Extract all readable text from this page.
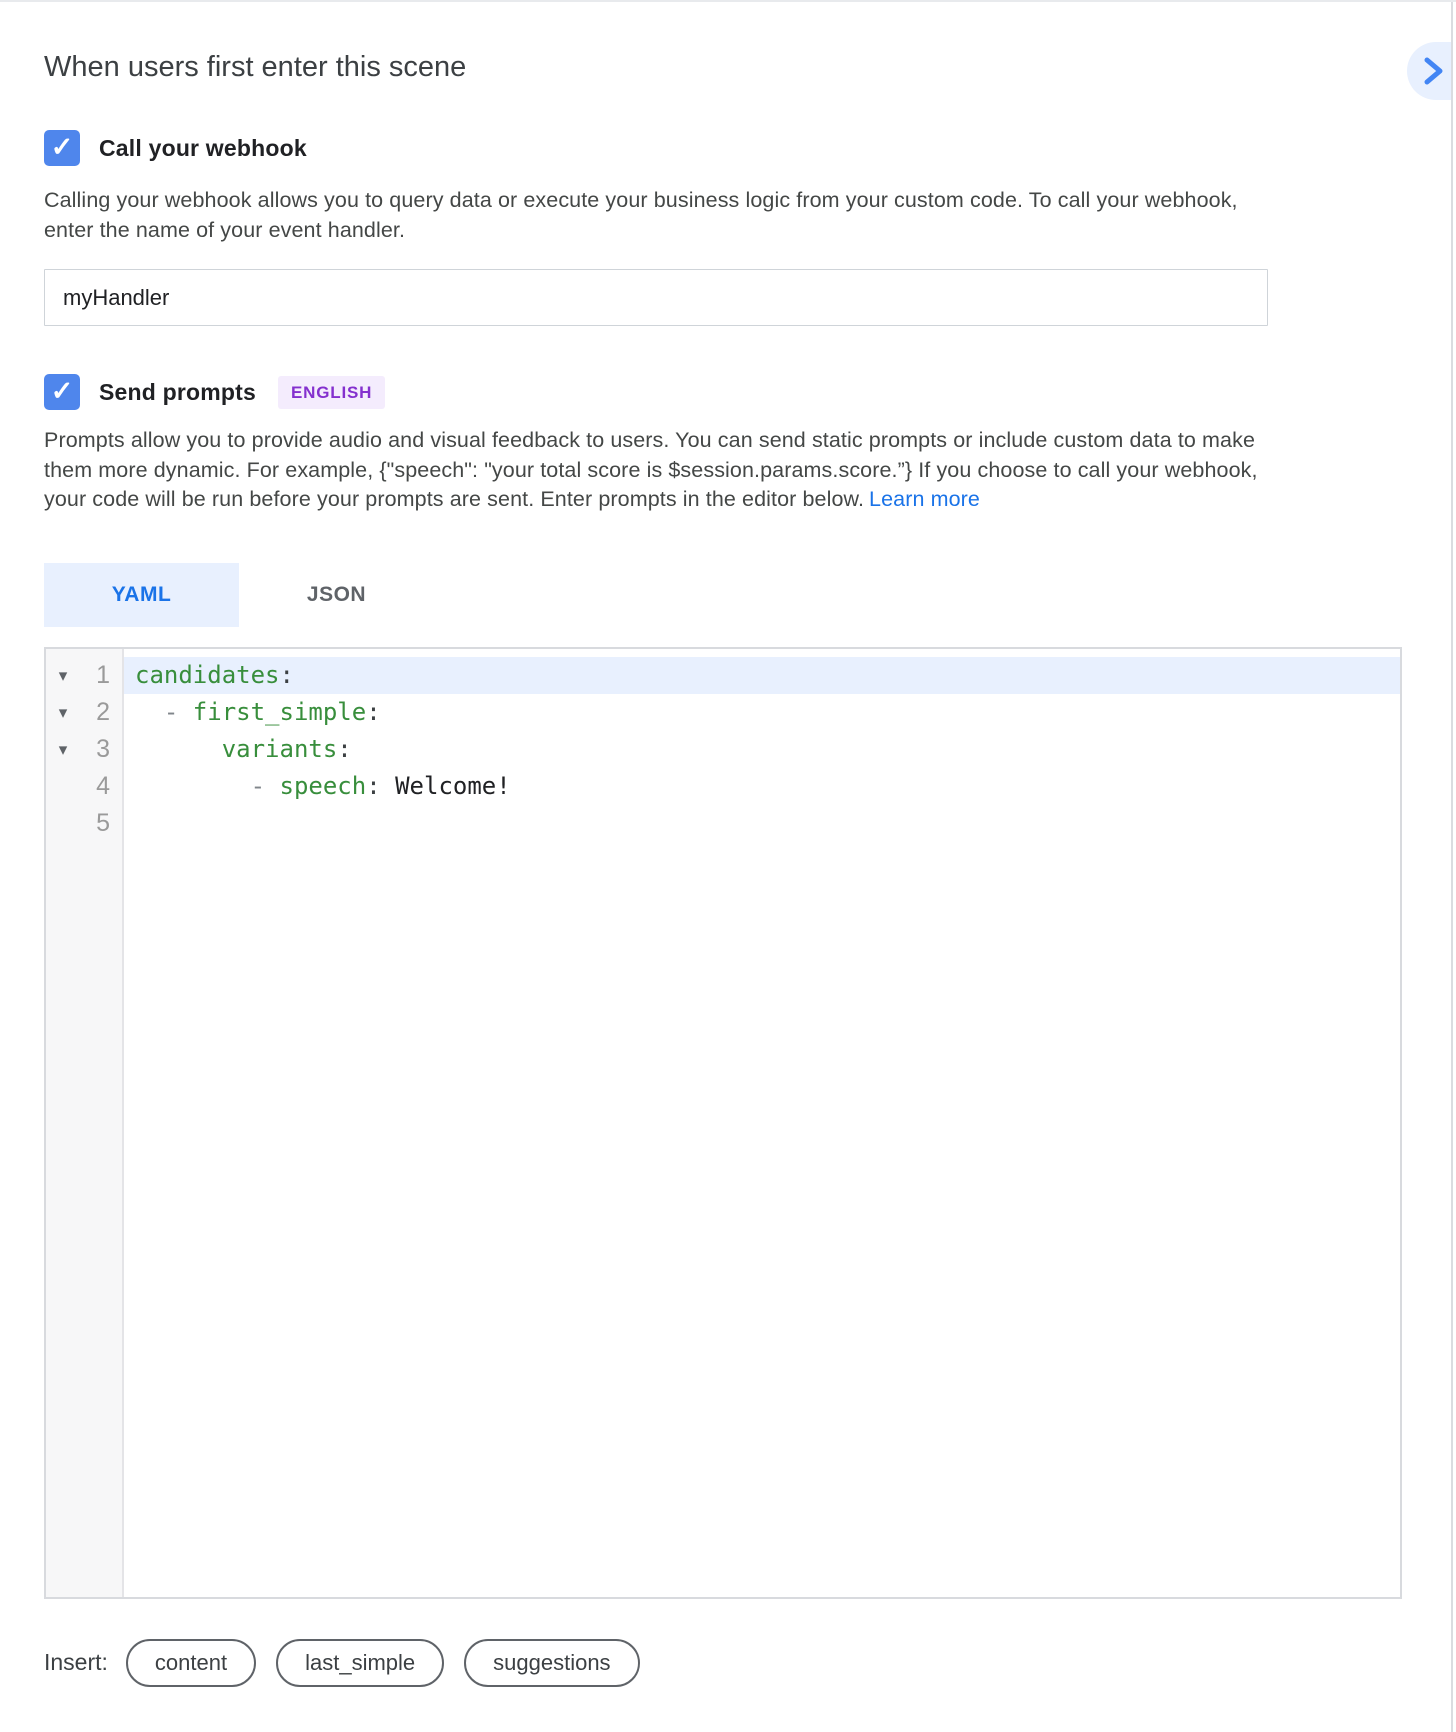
When users first enter this scene
✓ Call your webhook

Calling your webhook allows you to query data or execute your business logic from your custom code. To call your webhook, enter the name of your event handler.

myHandler
✓ Send prompts	ENGLISH

Prompts allow you to provide audio and visual feedback to users. You can send static prompts or include custom data to make them more dynamic. For example, {"speech": "your total score is $session.params.score.”} If you choose to call your webhook, your code will be run before your prompts are sent. Enter prompts in the editor below. Learn more

YAML	JSON
▾	1
▾	2
▾	3
4
5
candidates:
- first_simple:
variants:
- speech: Welcome!
Insert:	content	last_simple	suggestions
